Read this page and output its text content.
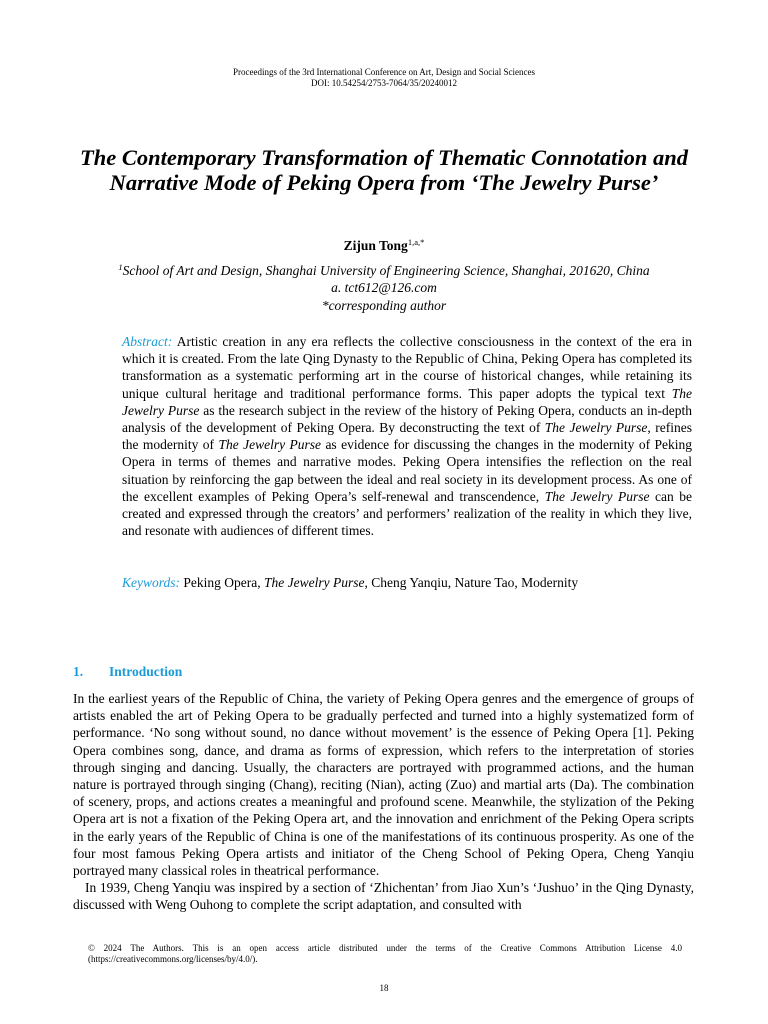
Proceedings of the 3rd International Conference on Art, Design and Social Sciences
DOI: 10.54254/2753-7064/35/20240012
The Contemporary Transformation of Thematic Connotation and Narrative Mode of Peking Opera from ‘The Jewelry Purse’
Zijun Tong$^{1,a,*}$
$^1$School of Art and Design, Shanghai University of Engineering Science, Shanghai, 201620, China
a. tct612@126.com
*corresponding author

Abstract: Artistic creation in any era reflects the collective consciousness in the context of the era in which it is created. From the late Qing Dynasty to the Republic of China, Peking Opera has completed its transformation as a systematic performing art in the course of historical changes, while retaining its unique cultural heritage and traditional performance forms. This paper adopts the typical text The Jewelry Purse as the research subject in the review of the history of Peking Opera, conducts an in-depth analysis of the development of Peking Opera. By deconstructing the text of The Jewelry Purse, refines the modernity of The Jewelry Purse as evidence for discussing the changes in the modernity of Peking Opera in terms of themes and narrative modes. Peking Opera intensifies the reflection on the real situation by reinforcing the gap between the ideal and real society in its development process. As one of the excellent examples of Peking Opera’s self-renewal and transcendence, The Jewelry Purse can be created and expressed through the creators’ and performers’ realization of the reality in which they live, and resonate with audiences of different times.

Keywords: Peking Opera, The Jewelry Purse, Cheng Yanqiu, Nature Tao, Modernity

1. Introduction

In the earliest years of the Republic of China, the variety of Peking Opera genres and the emergence of groups of artists enabled the art of Peking Opera to be gradually perfected and turned into a highly systematized form of performance. ‘No song without sound, no dance without movement’ is the essence of Peking Opera [1]. Peking Opera combines song, dance, and drama as forms of expression, which refers to the interpretation of stories through singing and dancing. Usually, the characters are portrayed with programmed actions, and the human nature is portrayed through singing (Chang), reciting (Nian), acting (Zuo) and martial arts (Da). The combination of scenery, props, and actions creates a meaningful and profound scene. Meanwhile, the stylization of the Peking Opera art is not a fixation of the Peking Opera art, and the innovation and enrichment of the Peking Opera scripts in the early years of the Republic of China is one of the manifestations of its continuous prosperity. As one of the four most famous Peking Opera artists and initiator of the Cheng School of Peking Opera, Cheng Yanqiu portrayed many classical roles in theatrical performance.

In 1939, Cheng Yanqiu was inspired by a section of ‘Zhichentan’ from Jiao Xun’s ‘Jushuo’ in the Qing Dynasty, discussed with Weng Ouhong to complete the script adaptation, and consulted with

© 2024 The Authors. This is an open access article distributed under the terms of the Creative Commons Attribution License 4.0 (https://creativecommons.org/licenses/by/4.0/).
18
